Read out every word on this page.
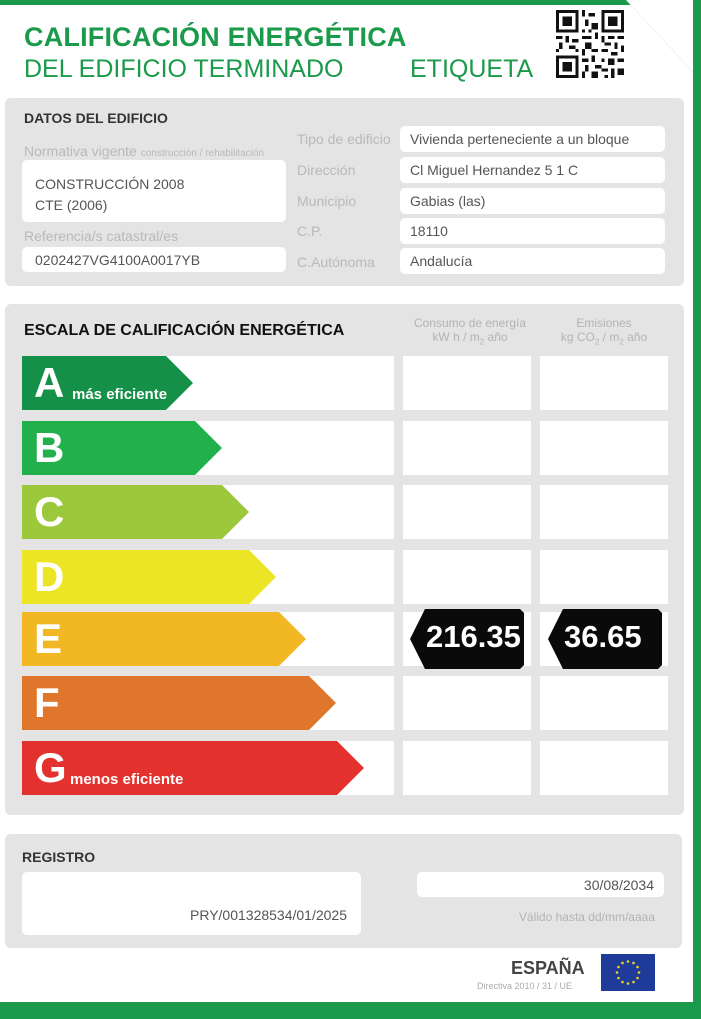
CALIFICACIÓN ENERGÉTICA
DEL EDIFICIO TERMINADO	ETIQUETA
DATOS DEL EDIFICIO
Normativa vigente construcción / rehabilitación
CONSTRUCCIÓN 2008
CTE (2006)
Referencia/s catastral/es
0202427VG4100A0017YB
Tipo de edificio	Vivienda perteneciente a un bloque
Dirección	Cl Miguel Hernandez 5 1 C
Municipio	Gabias (las)
C.P.	18110
C.Autónoma	Andalucía
ESCALA DE CALIFICACIÓN ENERGÉTICA	Consumo de energía
kW h / $m_2$ año
Emisiones
kg $CO_2 / m_2$ año
A más eficiente
B
C
D
E	216.35 36.65
F
G menos eficiente
REGISTRO
PRY/001328534/01/2025
30/08/2034
Válido hasta dd/mm/aaaa
ESPAÑA
Directiva 2010 / 31 / UE
